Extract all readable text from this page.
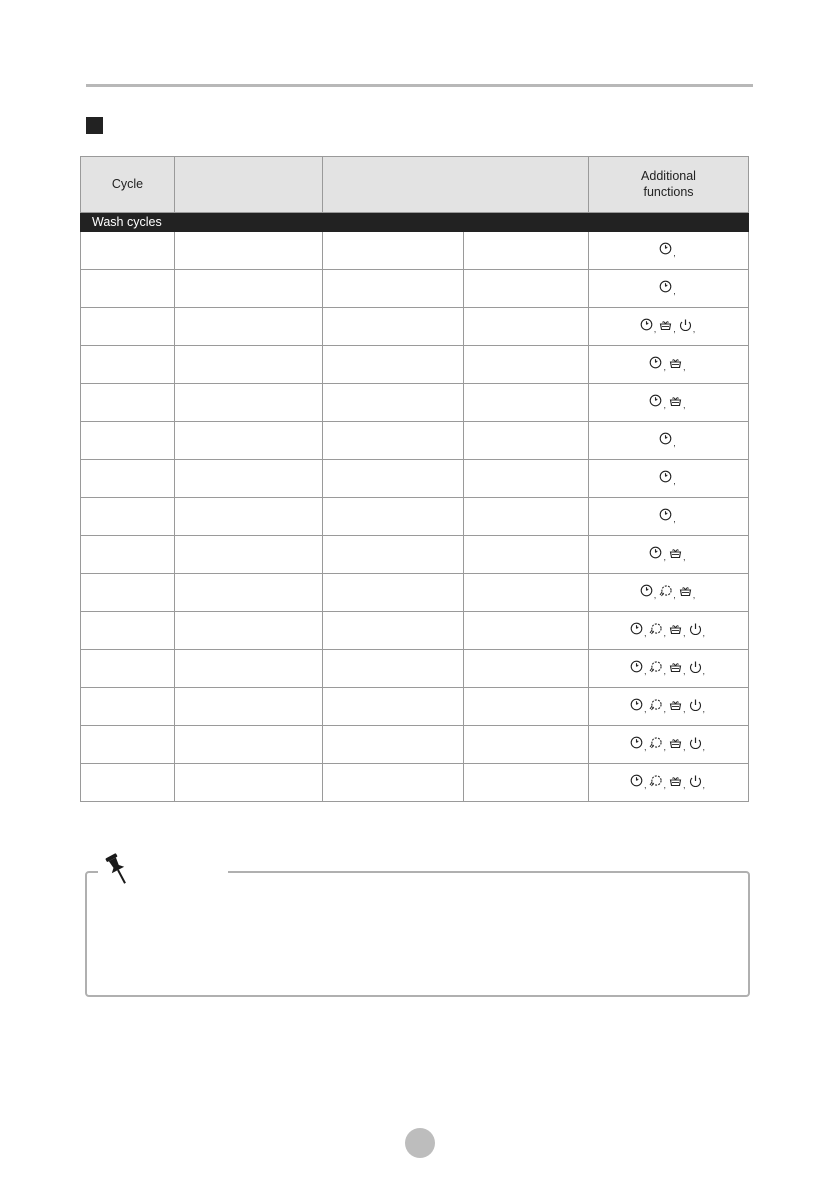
Cycle				Additional
functions

Wash cycles				

				,

				,

				, , ,

				, ,

				, ,

				,

				,

				,

				, ,

				, , ,

				, , , ,

				, , , ,

				, , , ,

				, , , ,

				, , , ,
